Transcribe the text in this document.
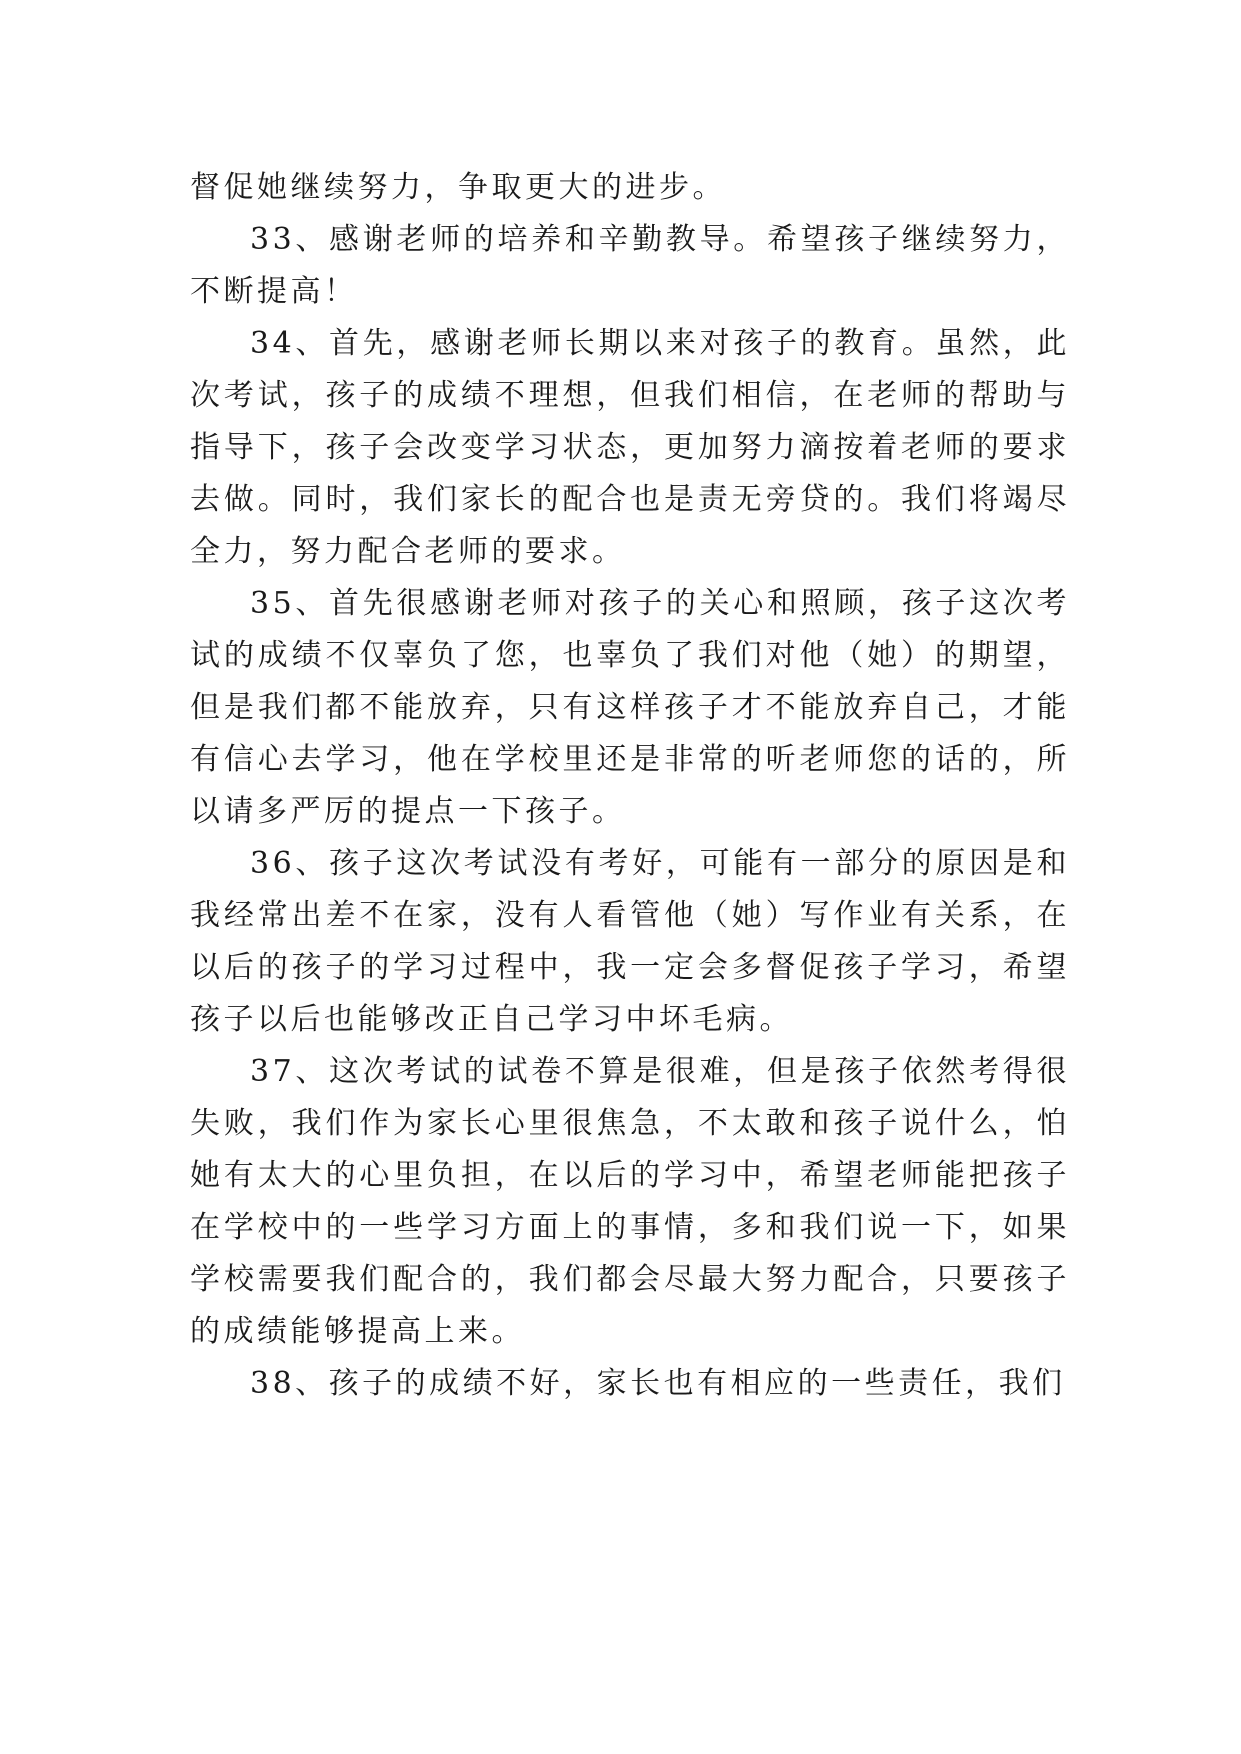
督促她继续努力，争取更大的进步。

33、感谢老师的培养和辛勤教导。希望孩子继续努力，不断提高！

34、首先，感谢老师长期以来对孩子的教育。虽然，此次考试，孩子的成绩不理想，但我们相信，在老师的帮助与指导下，孩子会改变学习状态，更加努力滴按着老师的要求去做。同时，我们家长的配合也是责无旁贷的。我们将竭尽全力，努力配合老师的要求。

35、首先很感谢老师对孩子的关心和照顾，孩子这次考试的成绩不仅辜负了您，也辜负了我们对他（她）的期望，但是我们都不能放弃，只有这样孩子才不能放弃自己，才能有信心去学习，他在学校里还是非常的听老师您的话的，所以请多严厉的提点一下孩子。

36、孩子这次考试没有考好，可能有一部分的原因是和我经常出差不在家，没有人看管他（她）写作业有关系，在以后的孩子的学习过程中，我一定会多督促孩子学习，希望孩子以后也能够改正自己学习中坏毛病。

37、这次考试的试卷不算是很难，但是孩子依然考得很失败，我们作为家长心里很焦急，不太敢和孩子说什么，怕她有太大的心里负担，在以后的学习中，希望老师能把孩子在学校中的一些学习方面上的事情，多和我们说一下，如果学校需要我们配合的，我们都会尽最大努力配合，只要孩子的成绩能够提高上来。

38、孩子的成绩不好，家长也有相应的一些责任，我们
